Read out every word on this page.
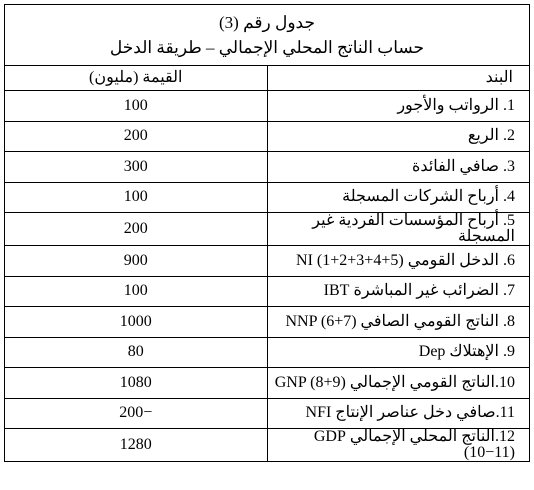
جدول رقم (3)
حساب الناتج المحلي الإجمالي – طريقة الدخل	

القيمة (مليون)	البند
100	1. الرواتب والأجور
200	2. الريع
300	3. صافي الفائدة
100	4. أرباح الشركات المسجلة
200	5. أرباح المؤسسات الفردية غير المسجلة
900	6. الدخل القومي NI (1+2+3+4+5)
100	7. الضرائب غير المباشرة IBT
1000	8. الناتج القومي الصافي NNP (6+7)
80	9. الإهتلاك Dep
1080	10.الناتج القومي الإجمالي GNP (8+9)
200−	11.صافي دخل عناصر الإنتاج NFI
1280	12.الناتج المحلي الإجمالي GDP (10−11)
